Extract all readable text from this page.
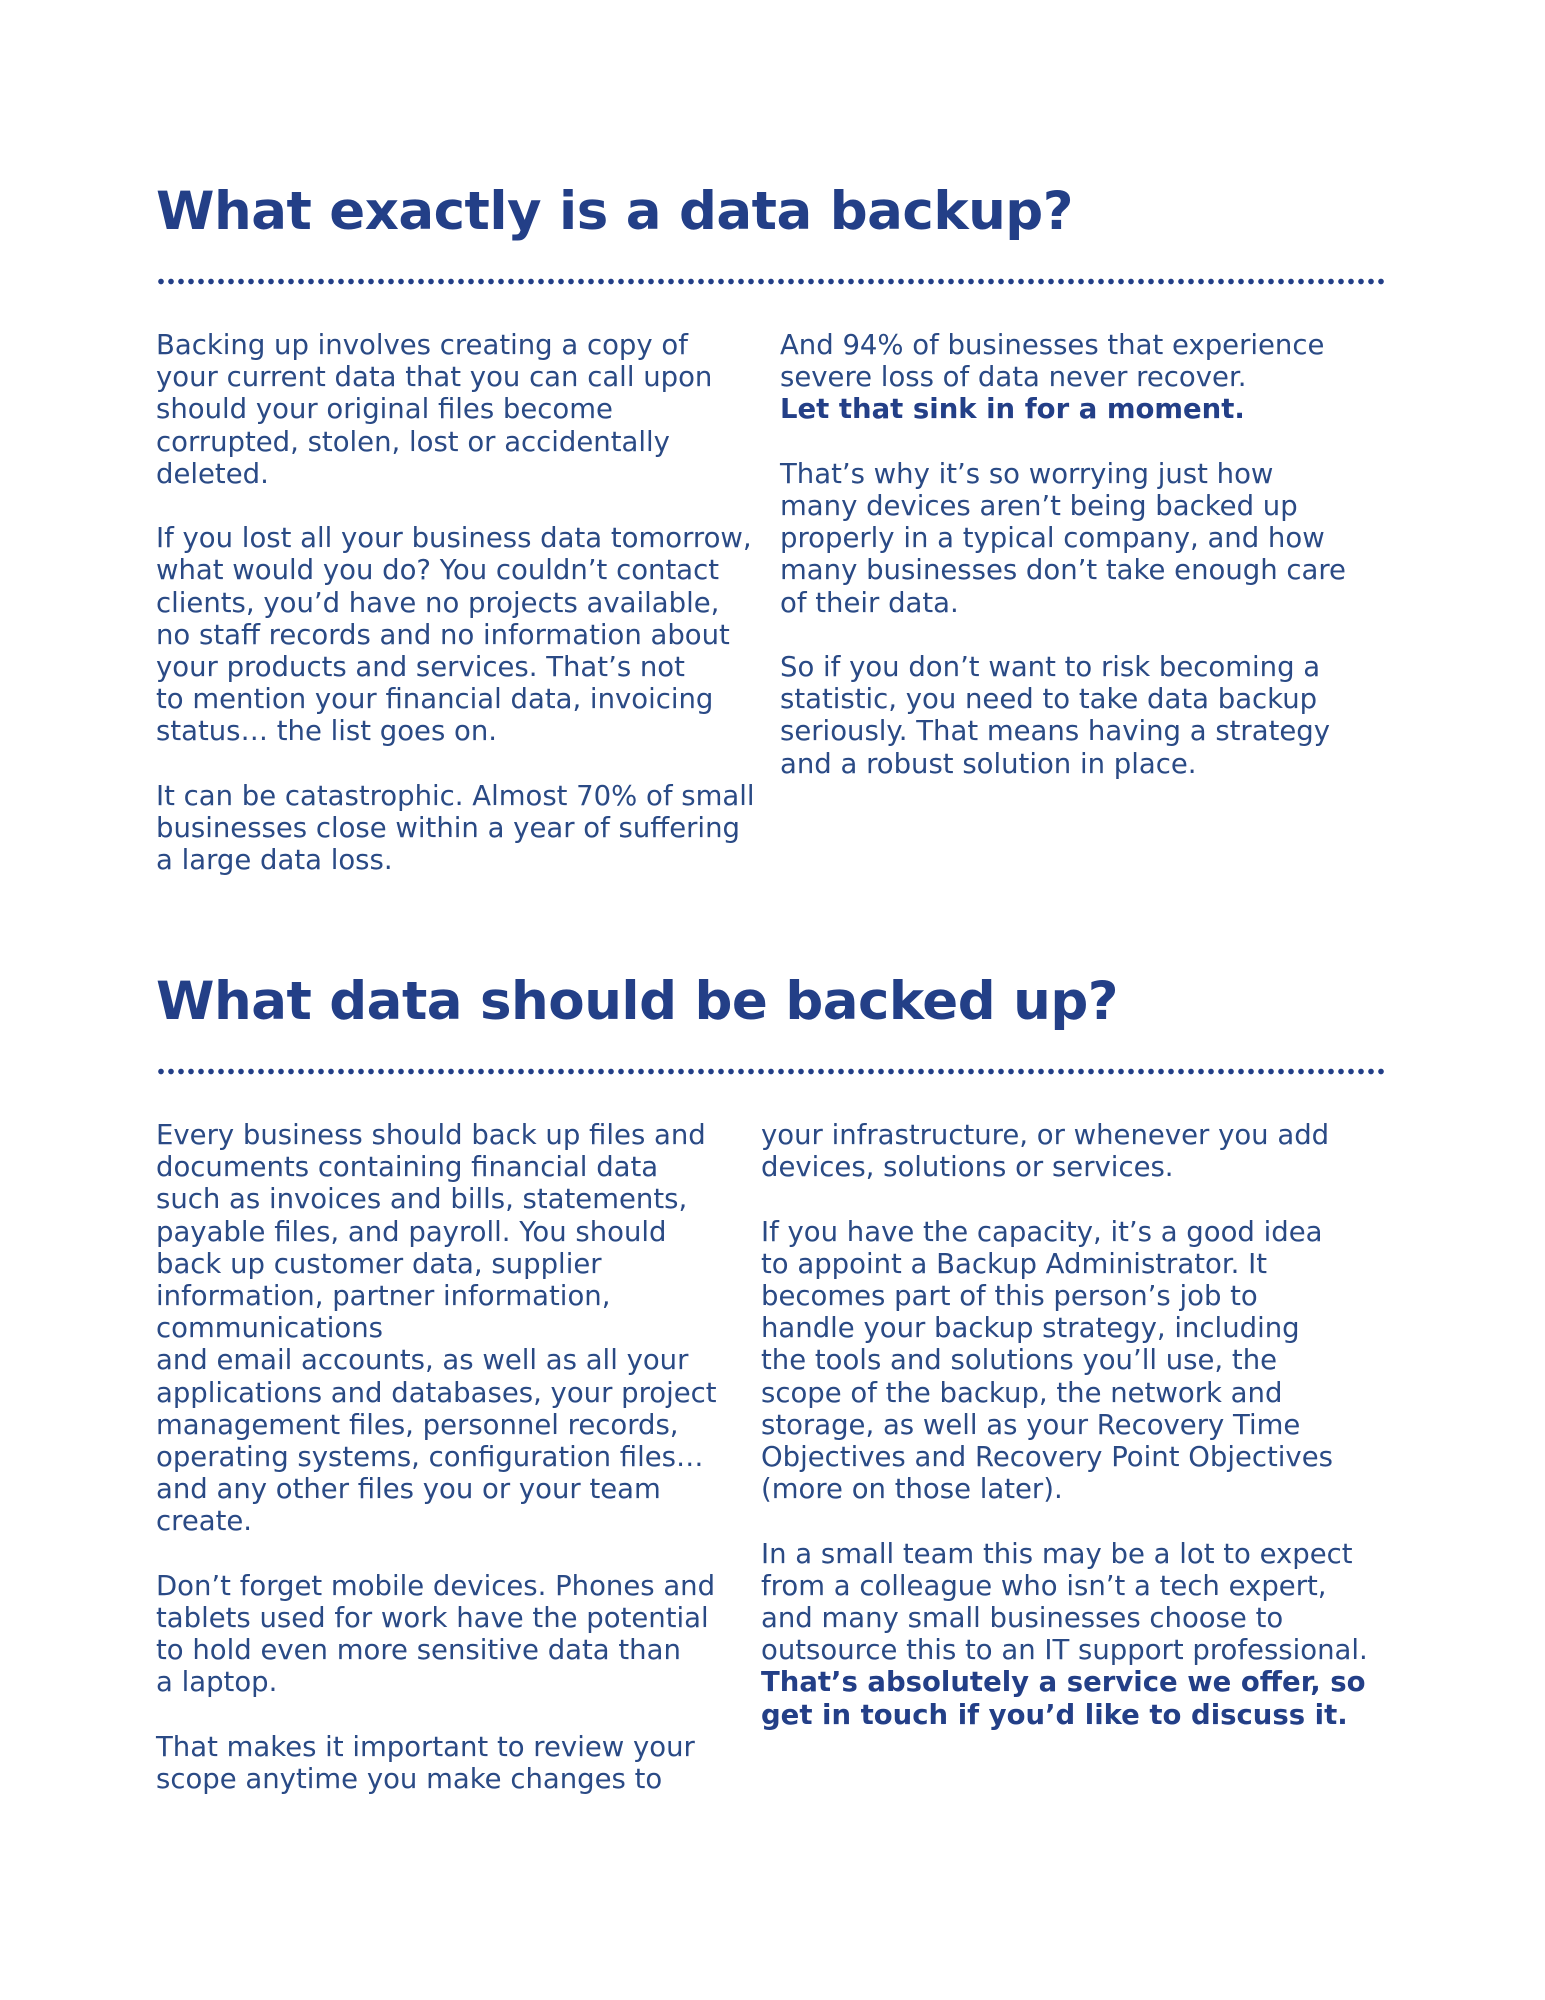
What exactly is a data backup?

Backing up involves creating a copy of
your current data that you can call upon
should your original files become
corrupted, stolen, lost or accidentally
deleted.

If you lost all your business data tomorrow,
what would you do? You couldn’t contact
clients, you’d have no projects available,
no staff records and no information about
your products and services. That’s not
to mention your financial data, invoicing
status… the list goes on.

It can be catastrophic. Almost 70% of small
businesses close within a year of suffering
a large data loss.

And 94% of businesses that experience
severe loss of data never recover.
Let that sink in for a moment.

That’s why it’s so worrying just how
many devices aren’t being backed up
properly in a typical company, and how
many businesses don’t take enough care
of their data.

So if you don’t want to risk becoming a
statistic, you need to take data backup
seriously. That means having a strategy
and a robust solution in place.

What data should be backed up?

Every business should back up files and
documents containing financial data
such as invoices and bills, statements,
payable files, and payroll. You should
back up customer data, supplier
information, partner information,
communications
and email accounts, as well as all your
applications and databases, your project
management files, personnel records,
operating systems, configuration files…
and any other files you or your team
create.

Don’t forget mobile devices. Phones and
tablets used for work have the potential
to hold even more sensitive data than
a laptop.

That makes it important to review your
scope anytime you make changes to

your infrastructure, or whenever you add
devices, solutions or services.

If you have the capacity, it’s a good idea
to appoint a Backup Administrator. It
becomes part of this person’s job to
handle your backup strategy, including
the tools and solutions you’ll use, the
scope of the backup, the network and
storage, as well as your Recovery Time
Objectives and Recovery Point Objectives
(more on those later).

In a small team this may be a lot to expect
from a colleague who isn’t a tech expert,
and many small businesses choose to
outsource this to an IT support professional.
That’s absolutely a service we offer, so
get in touch if you’d like to discuss it.
